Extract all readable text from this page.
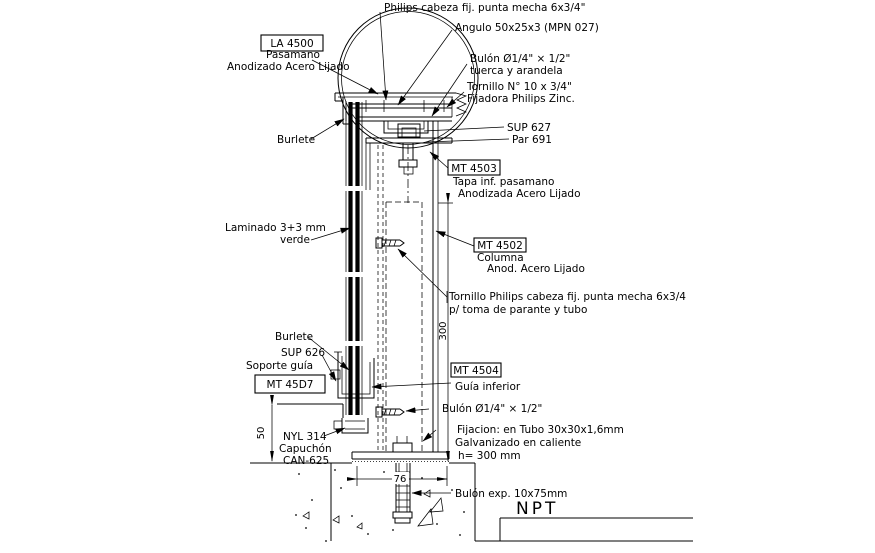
Philips cabeza fij. punta mecha 6x3/4"
Angulo 50x25x3 (MPN 027)
Bulón Ø1/4" × 1/2"
tuerca y arandela
Tornillo N° 10 x 3/4"
Fijadora Philips Zinc.
LA 4500
Pasamano
Anodizado Acero Lijado
Burlete
SUP 627
Par 691
MT 4503
Tapa inf. pasamano
Anodizada Acero Lijado
Laminado 3+3 mm
verde	MT 4502
Columna
Anod. Acero Lijado
Tornillo Philips cabeza fij. punta mecha 6x3/4
p/ toma de parante y tubo
Burlete
SUP 626
Soporte guía
MT 45D7
MT 4504
Guía inferior
Bulón Ø1/4" × 1/2"
Fijacion: en Tubo 30x30x1,6mm
Galvanizado en caliente
h= 300 mm
NYL 314
Capuchón
CAN-625
Bulón exp. 10x75mm
NPT
300
50
76
